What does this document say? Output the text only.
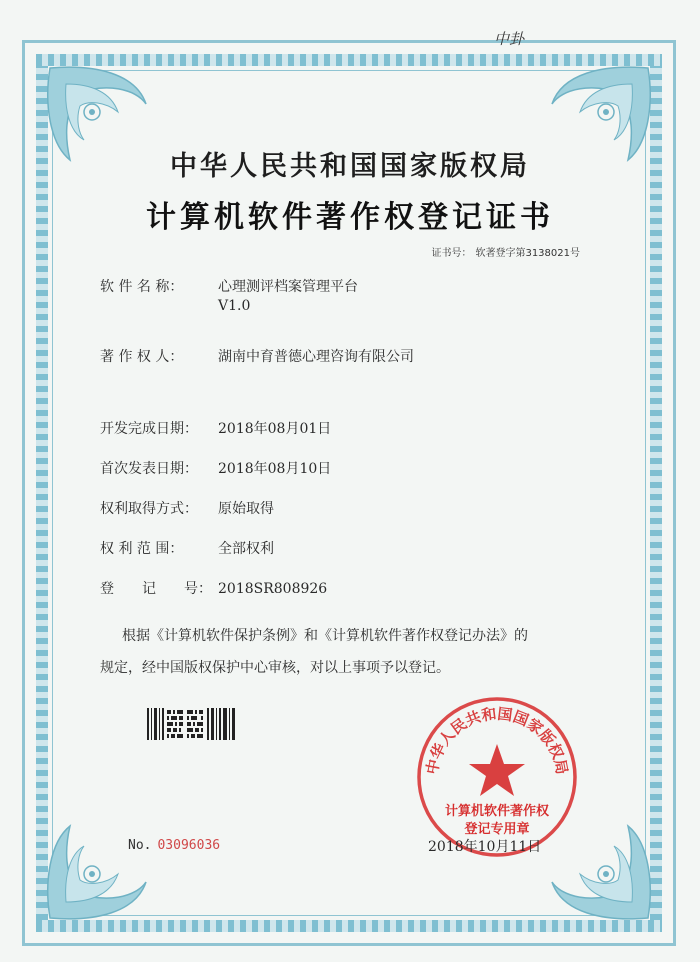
中卦
中华人民共和国国家版权局
计算机软件著作权登记证书
证书号： 软著登字第3138021号
软 件 名 称： 心理测评档案管理平台
V1.0
著 作 权 人： 湖南中育普德心理咨询有限公司
开发完成日期： 2018年08月01日
首次发表日期： 2018年08月10日
权利取得方式： 原始取得
权 利 范 围： 全部权利
登　　记　　号： 2018SR808926
根据《计算机软件保护条例》和《计算机软件著作权登记办法》的
规定，经中国版权保护中心审核，对以上事项予以登记。
中华人民共和国国家版权局
计算机软件著作权
登记专用章
No. 03096036	2018年10月11日
